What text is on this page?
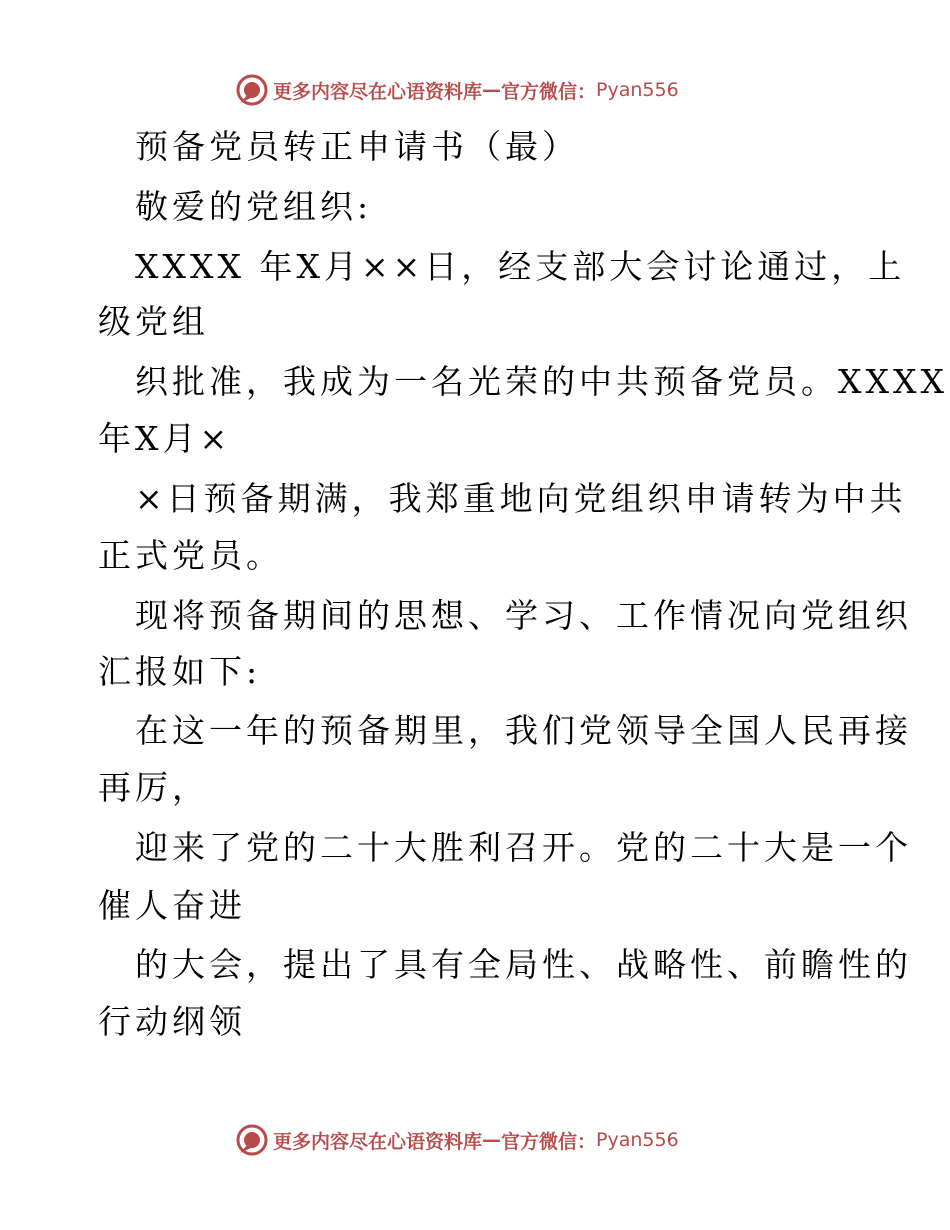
更多内容尽在心语资料库 — 官方微信： Pyan556
预备党员转正申请书（最）
敬爱的党组织:
XXXX 年X月××日，经支部大会讨论通过，上
级党组
织批准，我成为一名光荣的中共预备党员。XXXX
年X月×
×日预备期满，我郑重地向党组织申请转为中共
正式党员。
现将预备期间的思想、学习、工作情况向党组织
汇报如下:
在这一年的预备期里，我们党领导全国人民再接
再厉，
迎来了党的二十大胜利召开。党的二十大是一个
催人奋进
的大会，提出了具有全局性、战略性、前瞻性的
行动纲领
更多内容尽在心语资料库 — 官方微信： Pyan556
